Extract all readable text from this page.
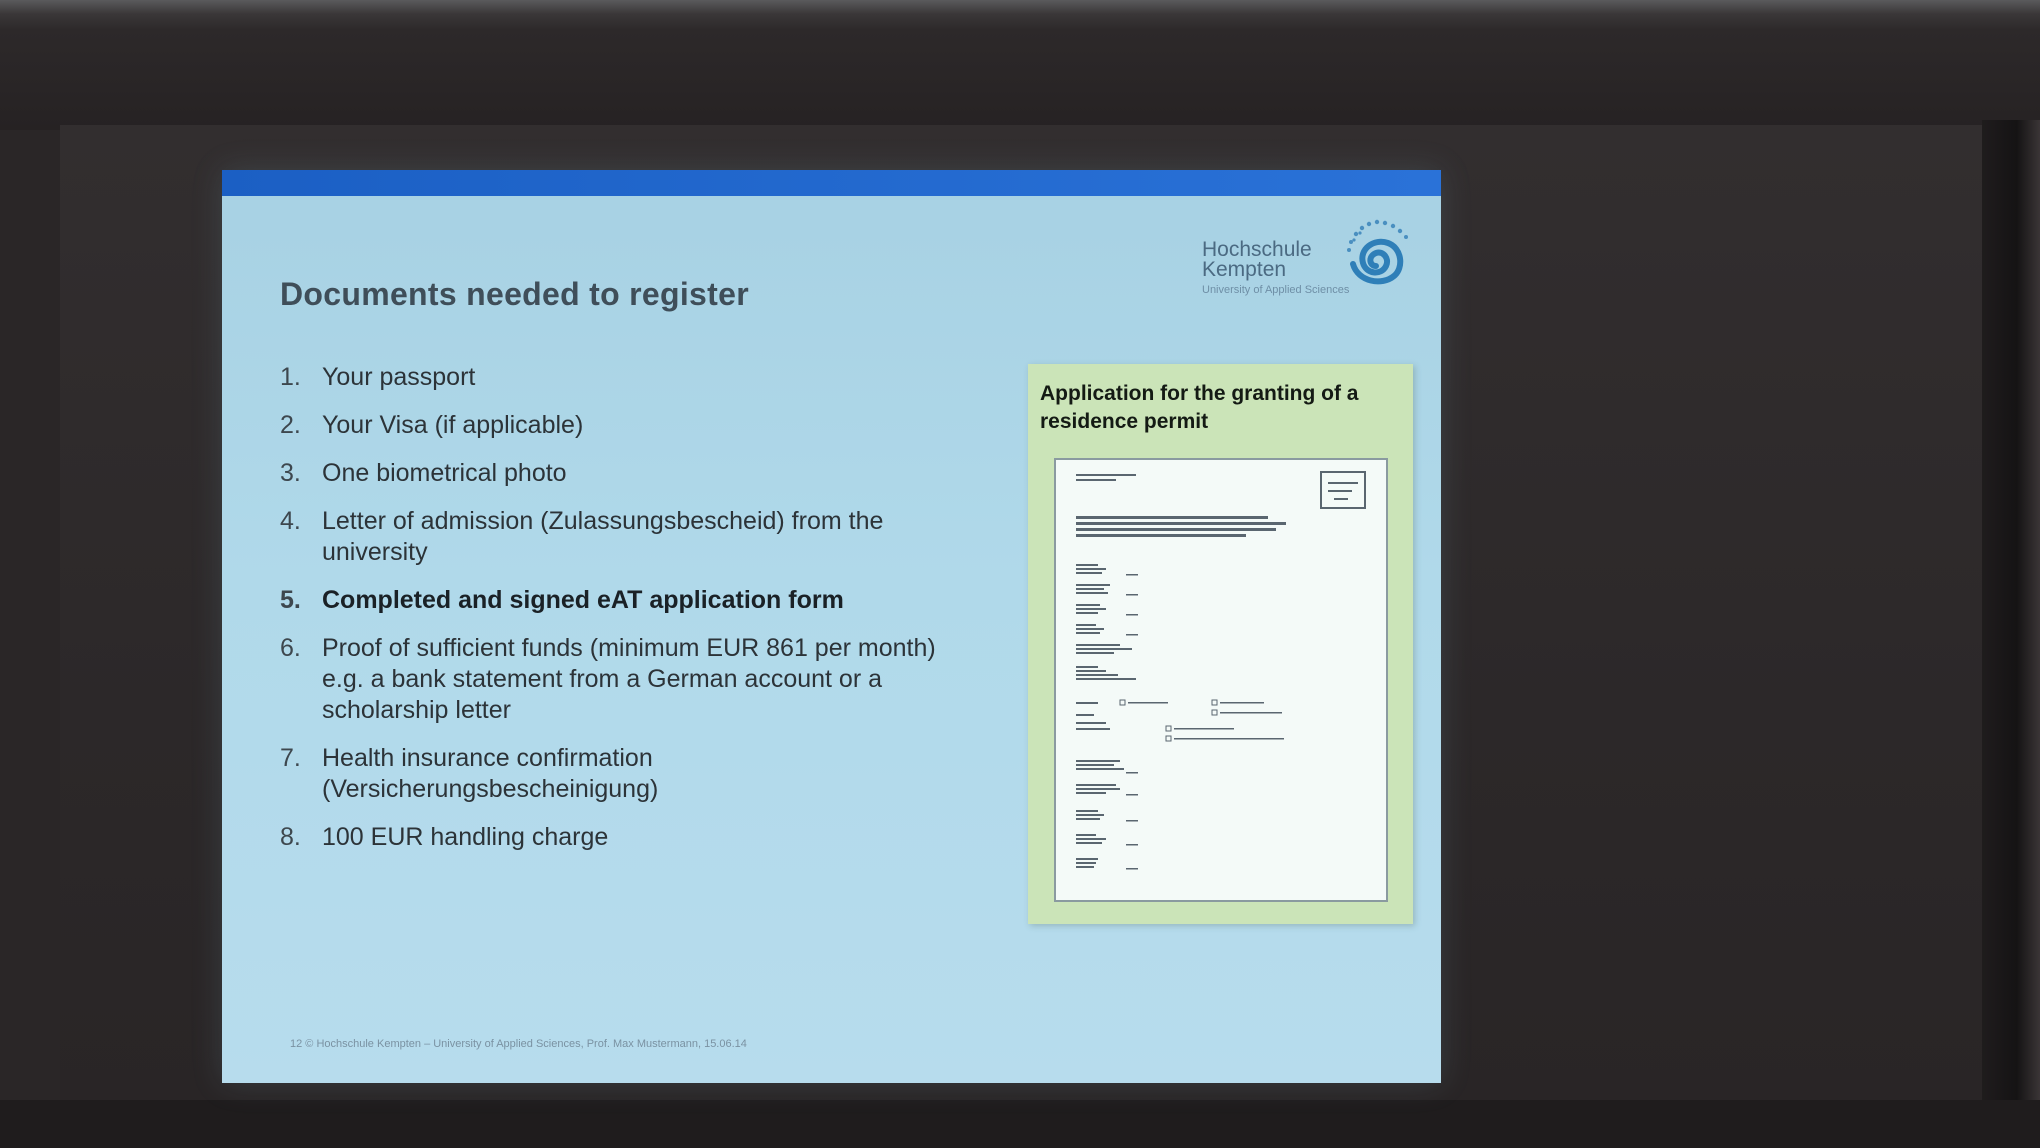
Documents needed to register
Hochschule
Kempten
University of Applied Sciences
1. Your passport
2. Your Visa (if applicable)
3. One biometrical photo
4. Letter of admission (Zulassungsbescheid) from the university
5. Completed and signed eAT application form
6. Proof of sufficient funds (minimum EUR 861 per month) e.g. a bank statement from a German account or a scholarship letter
7. Health insurance confirmation (Versicherungsbescheinigung)
8. 100 EUR handling charge
Application for the granting of a residence permit
12 © Hochschule Kempten – University of Applied Sciences, Prof. Max Mustermann, 15.06.14
